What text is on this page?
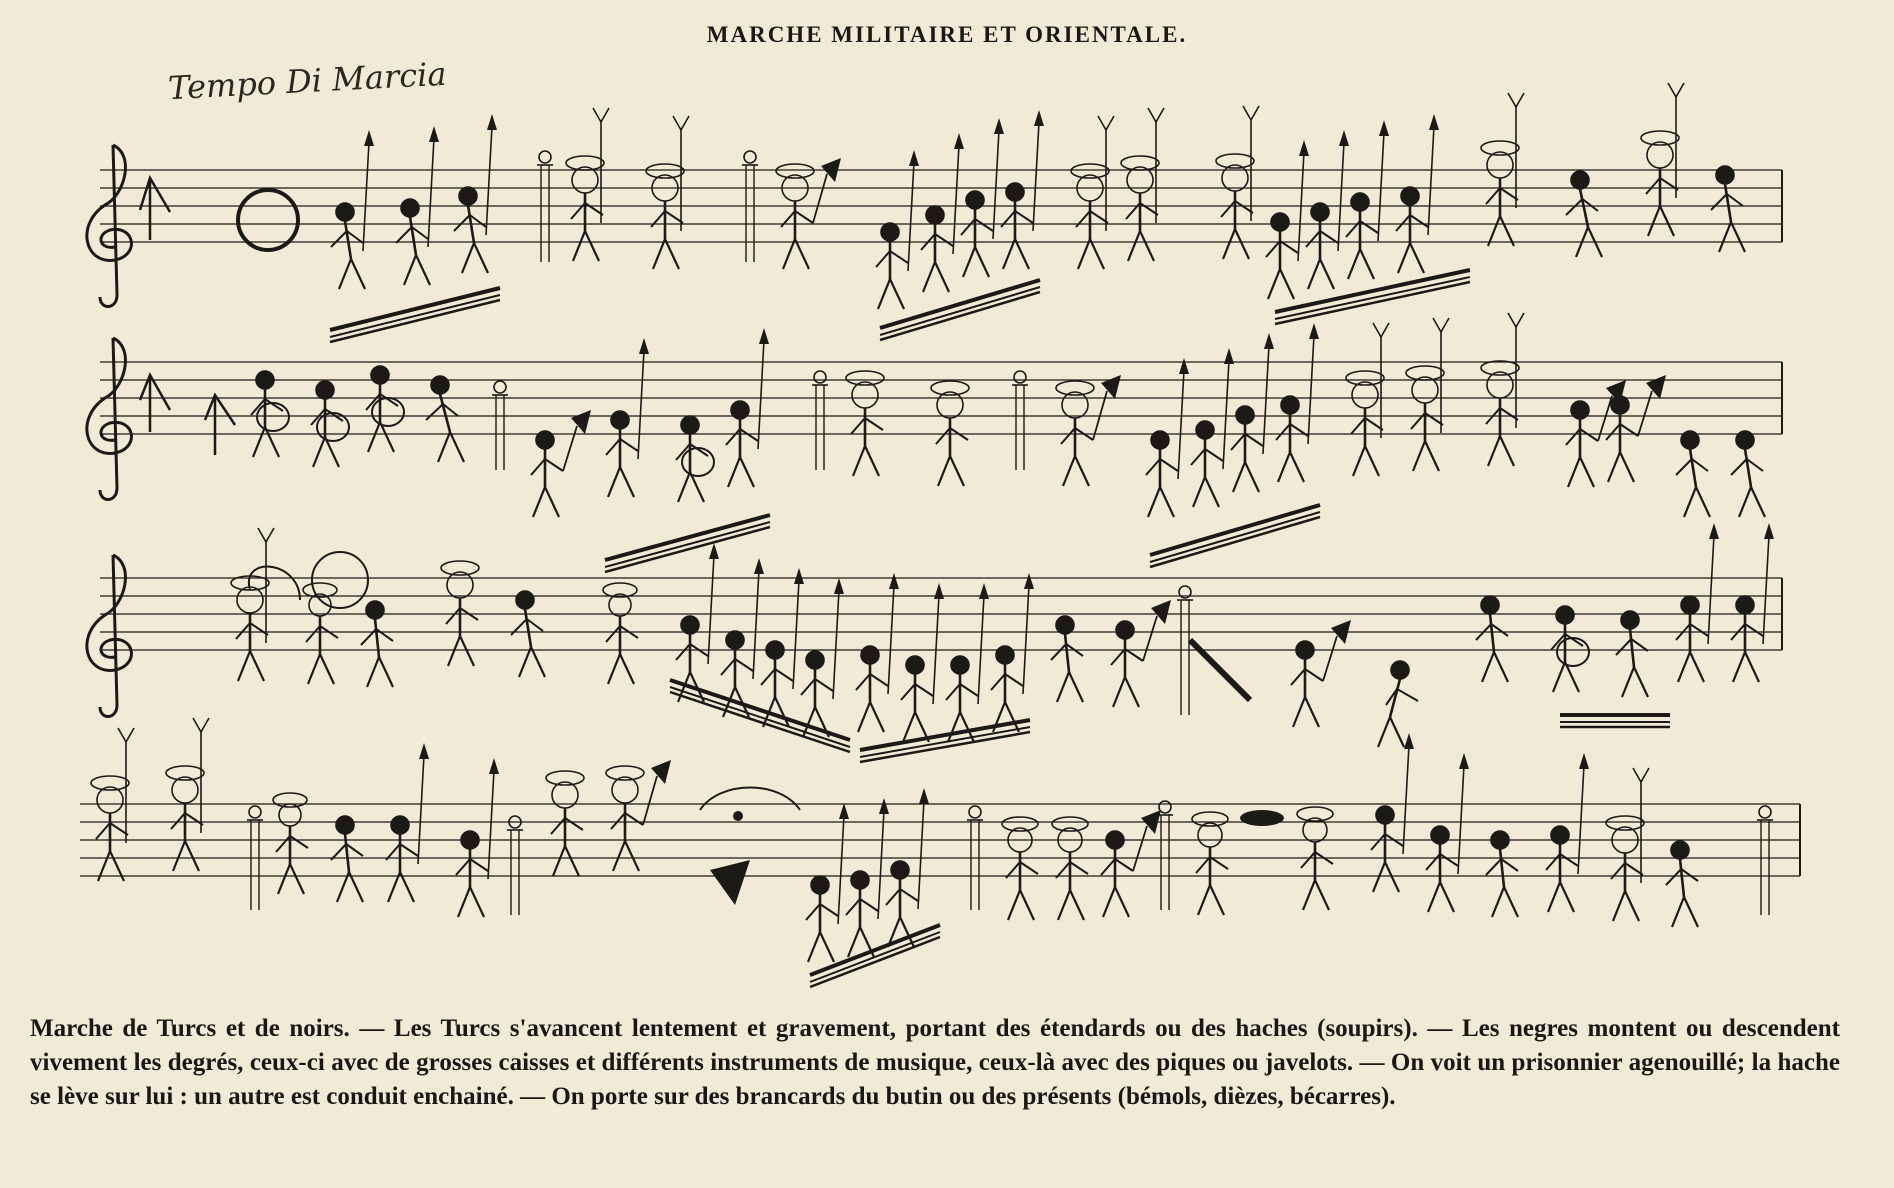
MARCHE MILITAIRE ET ORIENTALE.
Tempo Di Marcia
Marche de Turcs et de noirs. — Les Turcs s'avancent lentement et gravement, portant des étendards ou des haches (soupirs). — Les negres montent ou descendent vivement les degrés, ceux-ci avec de grosses caisses et différents instruments de musique, ceux-là avec des piques ou javelots. — On voit un prisonnier agenouillé; la hache se lève sur lui : un autre est conduit enchainé. — On porte sur des brancards du butin ou des présents (bémols, dièzes, bécarres).
